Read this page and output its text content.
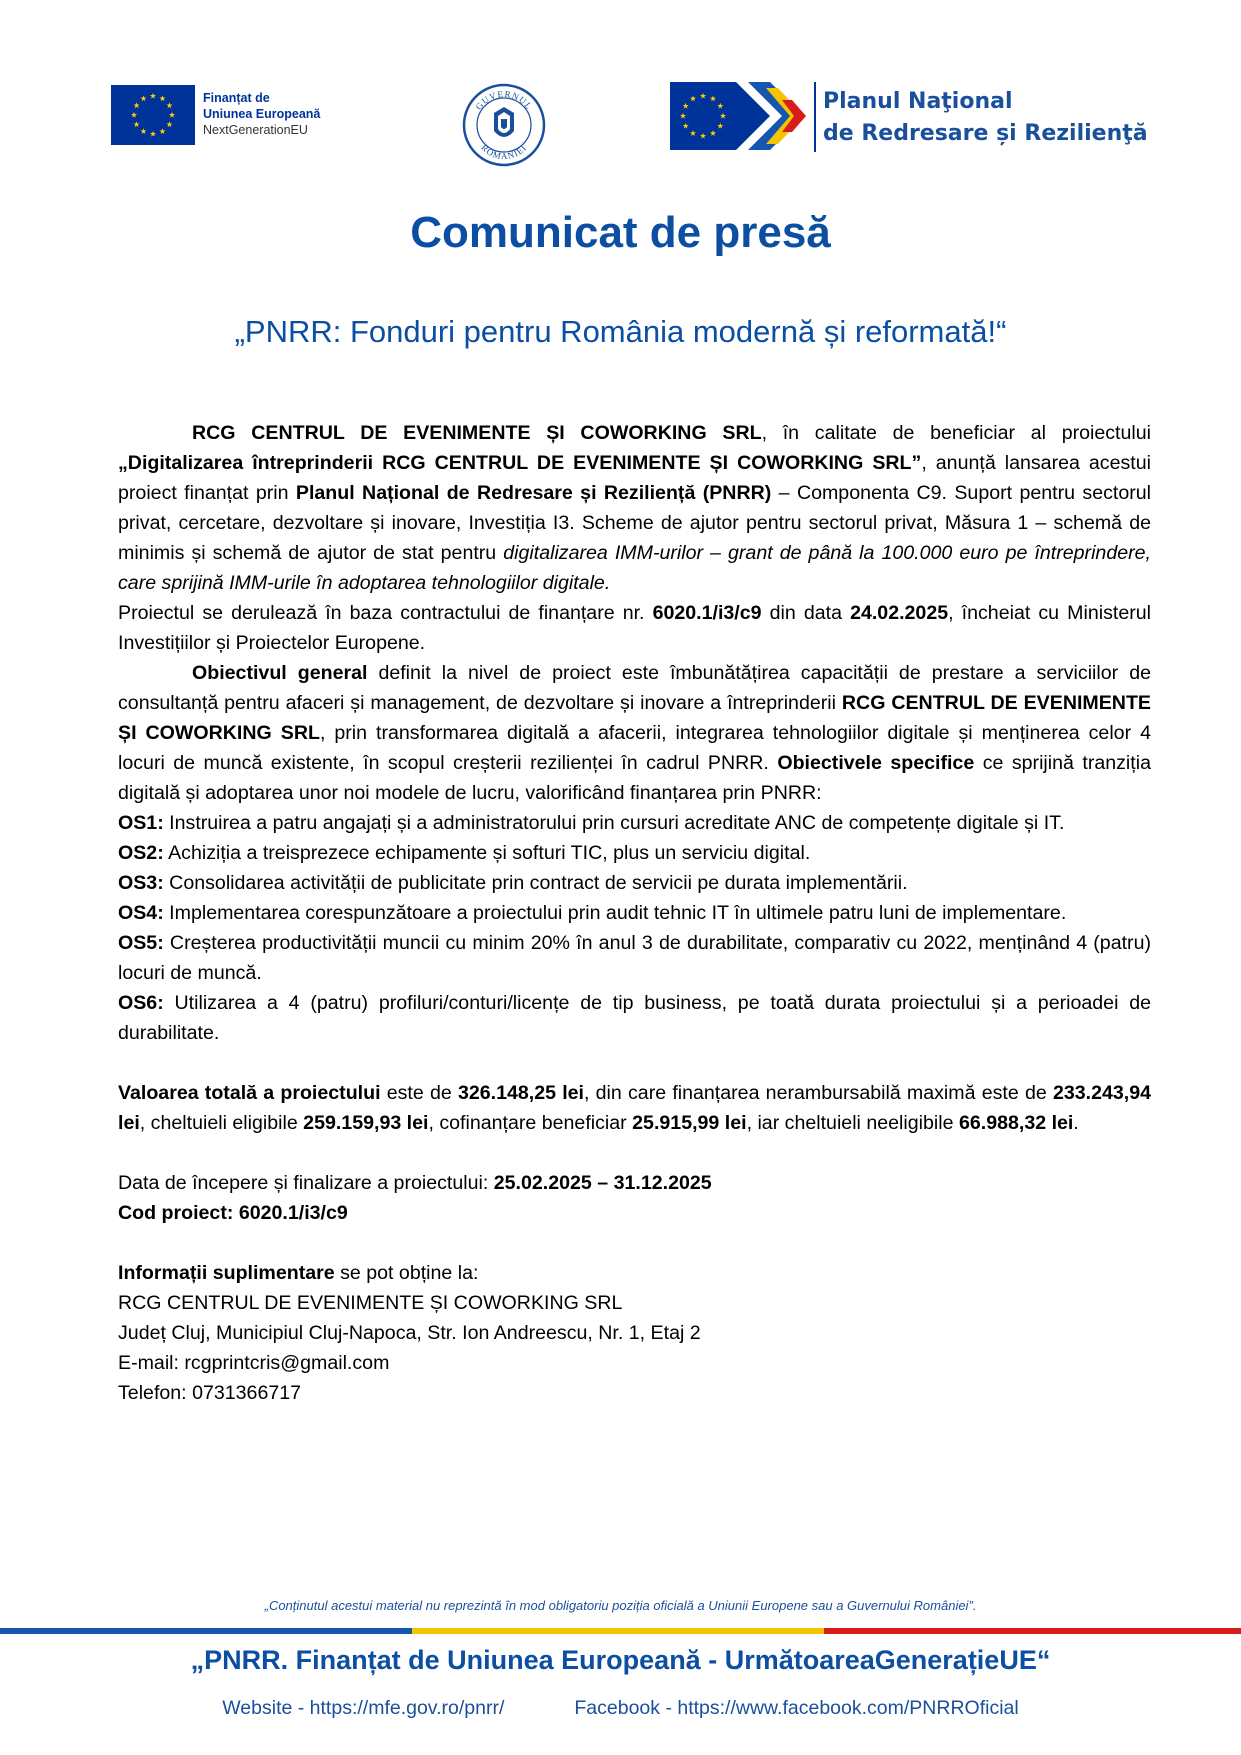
Finanțat de
Uniunea Europeană
NextGenerationEU
GUVERNUL
ROMÂNIEI
Planul Naţional
de Redresare și Rezilienţă
Comunicat de presă
„PNRR: Fonduri pentru România modernă și reformată!“

RCG CENTRUL DE EVENIMENTE ȘI COWORKING SRL, în calitate de beneficiar al proiectului „Digitalizarea întreprinderii RCG CENTRUL DE EVENIMENTE ȘI COWORKING SRL”, anunță lansarea acestui proiect finanțat prin Planul Național de Redresare și Reziliență (PNRR) – Componenta C9. Suport pentru sectorul privat, cercetare, dezvoltare și inovare, Investiția I3. Scheme de ajutor pentru sectorul privat, Măsura 1 – schemă de minimis și schemă de ajutor de stat pentru digitalizarea IMM-urilor – grant de până la 100.000 euro pe întreprindere, care sprijină IMM-urile în adoptarea tehnologiilor digitale.

Proiectul se derulează în baza contractului de finanțare nr. 6020.1/i3/c9 din data 24.02.2025, încheiat cu Ministerul Investițiilor și Proiectelor Europene.

Obiectivul general definit la nivel de proiect este îmbunătățirea capacității de prestare a serviciilor de consultanță pentru afaceri și management, de dezvoltare și inovare a întreprinderii RCG CENTRUL DE EVENIMENTE ȘI COWORKING SRL, prin transformarea digitală a afacerii, integrarea tehnologiilor digitale și menținerea celor 4 locuri de muncă existente, în scopul creșterii rezilienței în cadrul PNRR. Obiectivele specifice ce sprijină tranziția digitală și adoptarea unor noi modele de lucru, valorificând finanțarea prin PNRR:

OS1: Instruirea a patru angajați și a administratorului prin cursuri acreditate ANC de competențe digitale și IT.

OS2: Achiziția a treisprezece echipamente și softuri TIC, plus un serviciu digital.

OS3: Consolidarea activității de publicitate prin contract de servicii pe durata implementării.

OS4: Implementarea corespunzătoare a proiectului prin audit tehnic IT în ultimele patru luni de implementare.

OS5: Creșterea productivității muncii cu minim 20% în anul 3 de durabilitate, comparativ cu 2022, menținând 4 (patru) locuri de muncă.

OS6: Utilizarea a 4 (patru) profiluri/conturi/licențe de tip business, pe toată durata proiectului și a perioadei de durabilitate.

Valoarea totală a proiectului este de 326.148,25 lei, din care finanțarea nerambursabilă maximă este de 233.243,94 lei, cheltuieli eligibile 259.159,93 lei, cofinanțare beneficiar 25.915,99 lei, iar cheltuieli neeligibile 66.988,32 lei.

Data de începere și finalizare a proiectului: 25.02.2025 – 31.12.2025

Cod proiect: 6020.1/i3/c9

Informații suplimentare se pot obține la:

RCG CENTRUL DE EVENIMENTE ȘI COWORKING SRL

Județ Cluj, Municipiul Cluj-Napoca, Str. Ion Andreescu, Nr. 1, Etaj 2

E-mail: rcgprintcris@gmail.com

Telefon: 0731366717

„Conținutul acestui material nu reprezintă în mod obligatoriu poziția oficială a Uniunii Europene sau a Guvernului României”.
„PNRR. Finanțat de Uniunea Europeană - UrmătoareaGenerațieUE“
Website - https://mfe.gov.ro/pnrr/	Facebook - https://www.facebook.com/PNRROficial
